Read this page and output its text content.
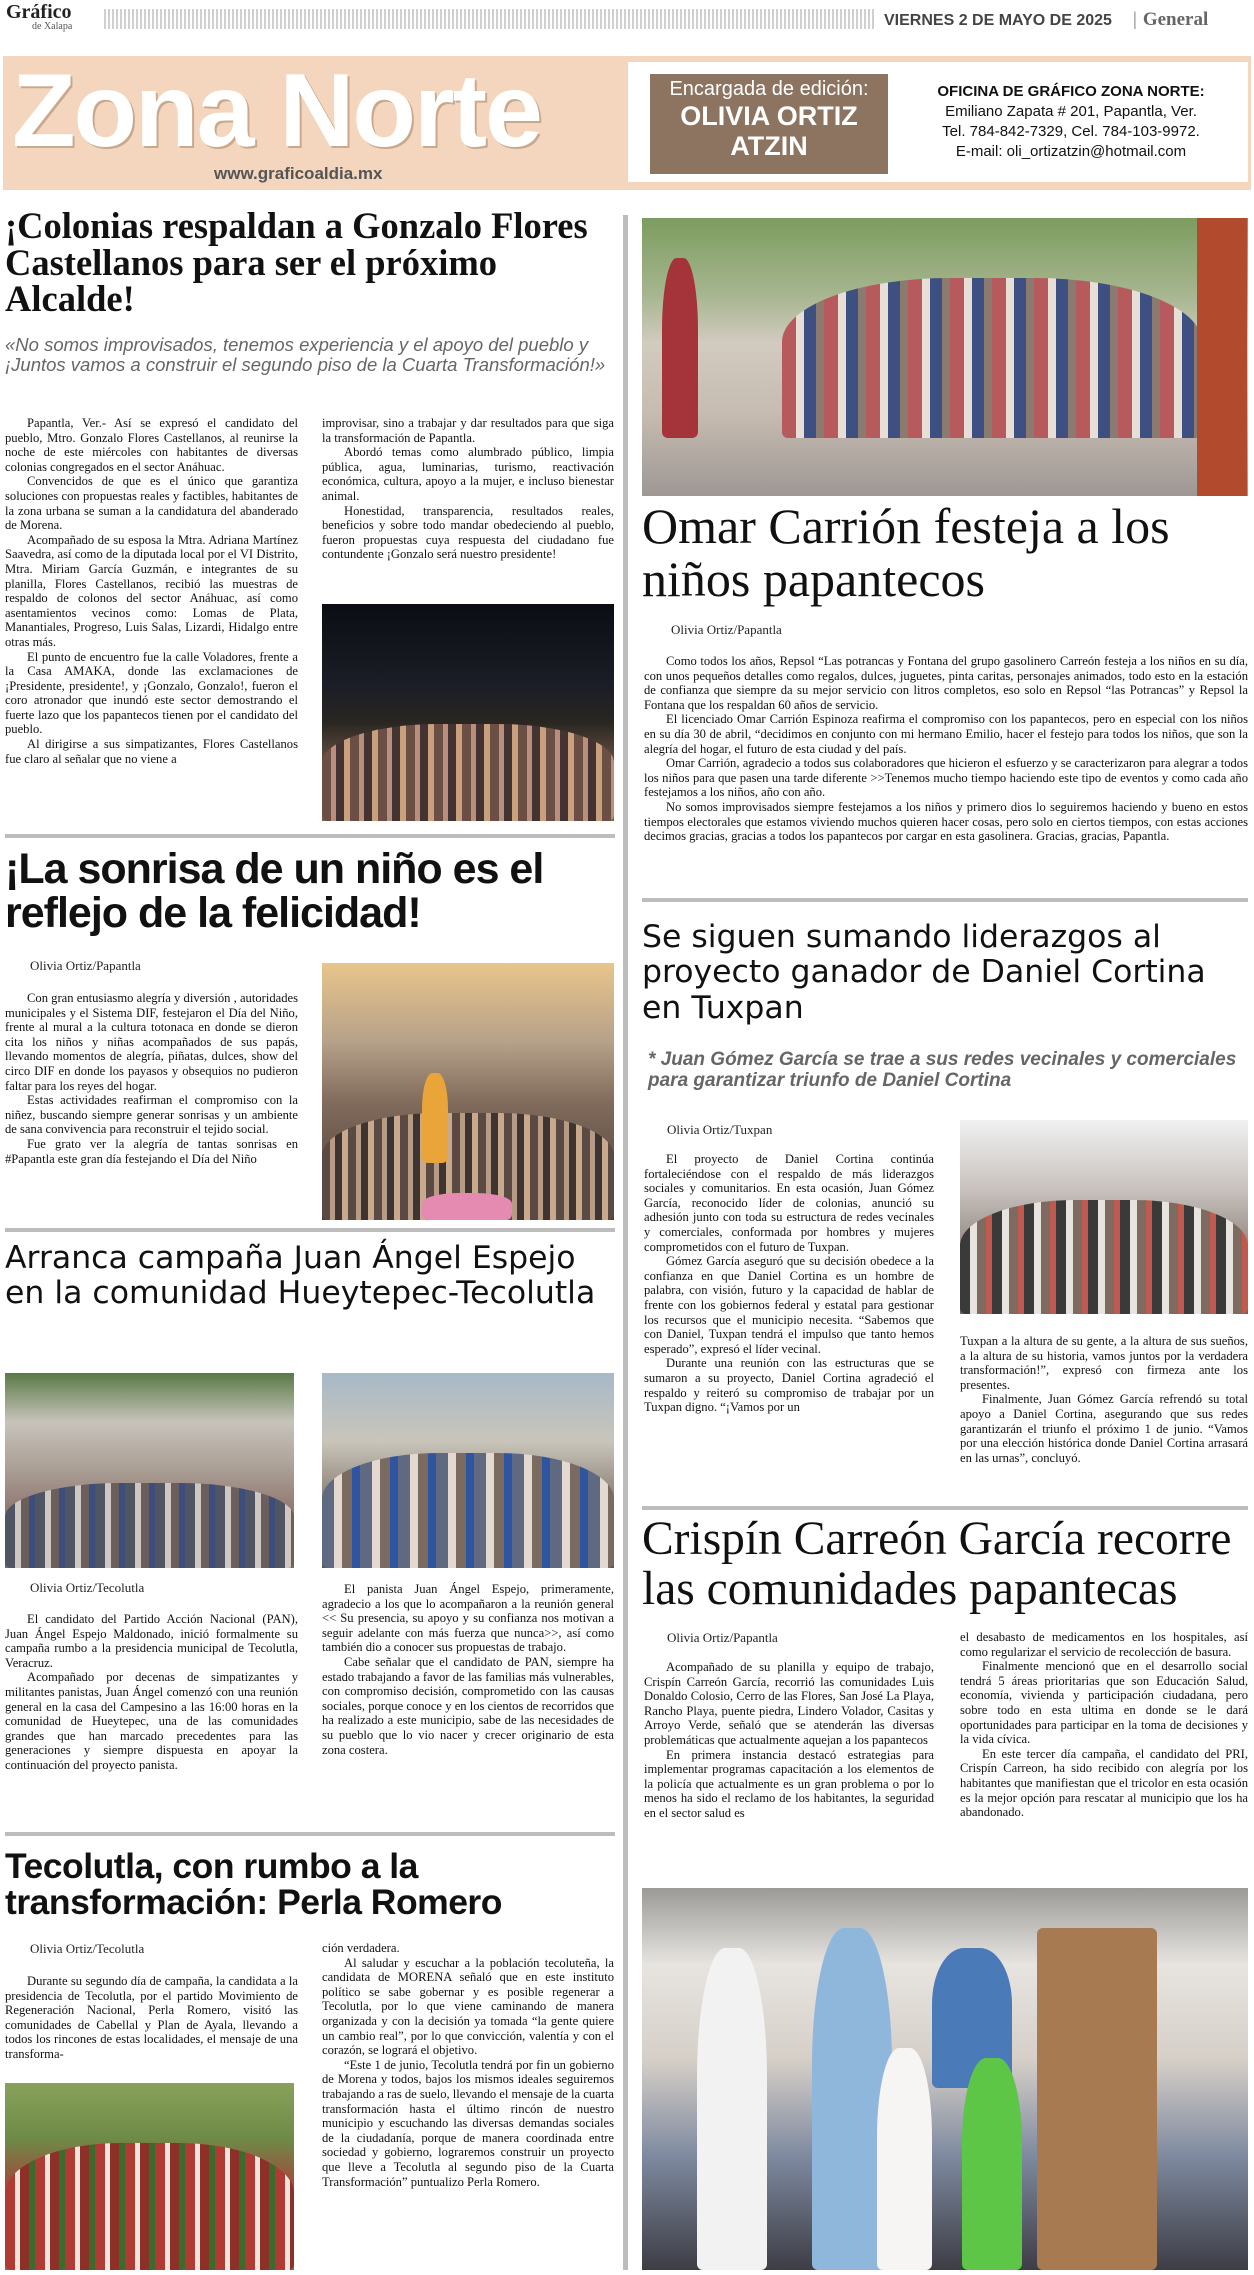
Gráfico
de Xalapa	VIERNES 2 DE MAYO DE 2025
|	General
Zona Norte
www.graficoaldia.mx
Encargada de edición:
OLIVIA ORTIZ
ATZIN
OFICINA DE GRÁFICO ZONA NORTE:
Emiliano Zapata # 201, Papantla, Ver.
Tel. 784-842-7329, Cel. 784-103-9972.
E-mail: oli_ortizatzin@hotmail.com
¡Colonias respaldan a Gonzalo Flores Castellanos para ser el próximo Alcalde!

«No somos improvisados, tenemos experiencia y el apoyo del pueblo y ¡Juntos vamos a construir el segundo piso de la Cuarta Transformación!»

Papantla, Ver.- Así se expresó el candidato del pueblo, Mtro. Gonzalo Flores Castellanos, al reunirse la noche de este miércoles con habitantes de diversas colonias congregados en el sector Anáhuac.

Convencidos de que es el único que garantiza soluciones con propuestas reales y factibles, habitantes de la zona urbana se suman a la candidatura del abanderado de Morena.

Acompañado de su esposa la Mtra. Adriana Martínez Saavedra, así como de la diputada local por el VI Distrito, Mtra. Miriam García Guzmán, e integrantes de su planilla, Flores Castellanos, recibió las muestras de respaldo de colonos del sector Anáhuac, así como asentamientos vecinos como: Lomas de Plata, Manantiales, Progreso, Luis Salas, Lizardi, Hidalgo entre otras más.

El punto de encuentro fue la calle Voladores, frente a la Casa AMAKA, donde las exclamaciones de ¡Presidente, presidente!, y ¡Gonzalo, Gonzalo!, fueron el coro atronador que inundó este sector demostrando el fuerte lazo que los papantecos tienen por el candidato del pueblo.

Al dirigirse a sus simpatizantes, Flores Castellanos fue claro al señalar que no viene a

improvisar, sino a trabajar y dar resultados para que siga la transformación de Papantla.

Abordó temas como alumbrado público, limpia pública, agua, luminarias, turismo, reactivación económica, cultura, apoyo a la mujer, e incluso bienestar animal.

Honestidad, transparencia, resultados reales, beneficios y sobre todo mandar obedeciendo al pueblo, fueron propuestas cuya respuesta del ciudadano fue contundente ¡Gonzalo será nuestro presidente!

¡La sonrisa de un niño es el reflejo de la felicidad!
Olivia Ortiz/Papantla

Con gran entusiasmo alegría y diversión , autoridades municipales y el Sistema DIF, festejaron el Día del Niño, frente al mural a la cultura totonaca en donde se dieron cita los niños y niñas acompañados de sus papás, llevando momentos de alegría, piñatas, dulces, show del circo DIF en donde los payasos y obsequios no pudieron faltar para los reyes del hogar.

Estas actividades reafirman el compromiso con la niñez, buscando siempre generar sonrisas y un ambiente de sana convivencia para reconstruir el tejido social.

Fue grato ver la alegría de tantas sonrisas en #Papantla este gran día festejando el Día del Niño

Arranca campaña Juan Ángel Espejo en la comunidad Hueytepec-Tecolutla
Olivia Ortiz/Tecolutla

El candidato del Partido Acción Nacional (PAN), Juan Ángel Espejo Maldonado, inició formalmente su campaña rumbo a la presidencia municipal de Tecolutla, Veracruz.

Acompañado por decenas de simpatizantes y militantes panistas, Juan Ángel comenzó con una reunión general en la casa del Campesino a las 16:00 horas en la comunidad de Hueytepec, una de las comunidades grandes que han marcado precedentes para las generaciones y siempre dispuesta en apoyar la continuación del proyecto panista.

El panista Juan Ángel Espejo, primeramente, agradecio a los que lo acompañaron a la reunión general << Su presencia, su apoyo y su confianza nos motivan a seguir adelante con más fuerza que nunca>>, así como también dio a conocer sus propuestas de trabajo.

Cabe señalar que el candidato de PAN, siempre ha estado trabajando a favor de las familias más vulnerables, con compromiso decisión, comprometido con las causas sociales, porque conoce y en los cientos de recorridos que ha realizado a este municipio, sabe de las necesidades de su pueblo que lo vio nacer y crecer originario de esta zona costera.

Tecolutla, con rumbo a la transformación: Perla Romero
Olivia Ortiz/Tecolutla

Durante su segundo día de campaña, la candidata a la presidencia de Tecolutla, por el partido Movimiento de Regeneración Nacional, Perla Romero, visitó las comunidades de Cabellal y Plan de Ayala, llevando a todos los rincones de estas localidades, el mensaje de una transforma-

ción verdadera.

Al saludar y escuchar a la población tecoluteña, la candidata de MORENA señaló que en este instituto político se sabe gobernar y es posible regenerar a Tecolutla, por lo que viene caminando de manera organizada y con la decisión ya tomada “la gente quiere un cambio real”, por lo que convicción, valentía y con el corazón, se logrará el objetivo.

“Este 1 de junio, Tecolutla tendrá por fin un gobierno de Morena y todos, bajos los mismos ideales seguiremos trabajando a ras de suelo, llevando el mensaje de la cuarta transformación hasta el último rincón de nuestro municipio y escuchando las diversas demandas sociales de la ciudadanía, porque de manera coordinada entre sociedad y gobierno, lograremos construir un proyecto que lleve a Tecolutla al segundo piso de la Cuarta Transformación” puntualizo Perla Romero.

Omar Carrión festeja a los niños papantecos
Olivia Ortiz/Papantla

Como todos los años, Repsol “Las potrancas y Fontana del grupo gasolinero Carreón festeja a los niños en su día, con unos pequeños detalles como regalos, dulces, juguetes, pinta caritas, personajes animados, todo esto en la estación de confianza que siempre da su mejor servicio con litros completos, eso solo en Repsol “las Potrancas” y Repsol la Fontana que los respaldan 60 años de servicio.

El licenciado Omar Carrión Espinoza reafirma el compromiso con los papantecos, pero en especial con los niños en su día 30 de abril, “decidimos en conjunto con mi hermano Emilio, hacer el festejo para todos los niños, que son la alegría del hogar, el futuro de esta ciudad y del país.

Omar Carrión, agradecio a todos sus colaboradores que hicieron el esfuerzo y se caracterizaron para alegrar a todos los niños para que pasen una tarde diferente >>Tenemos mucho tiempo haciendo este tipo de eventos y como cada año festejamos a los niños, año con año.

No somos improvisados siempre festejamos a los niños y primero dios lo seguiremos haciendo y bueno en estos tiempos electorales que estamos viviendo muchos quieren hacer cosas, pero solo en ciertos tiempos, con estas acciones decimos gracias, gracias a todos los papantecos por cargar en esta gasolinera. Gracias, gracias, Papantla.

Se siguen sumando liderazgos al proyecto ganador de Daniel Cortina en Tuxpan

* Juan Gómez García se trae a sus redes vecinales y comerciales para garantizar triunfo de Daniel Cortina

Olivia Ortiz/Tuxpan

El proyecto de Daniel Cortina continúa fortaleciéndose con el respaldo de más liderazgos sociales y comunitarios. En esta ocasión, Juan Gómez García, reconocido líder de colonias, anunció su adhesión junto con toda su estructura de redes vecinales y comerciales, conformada por hombres y mujeres comprometidos con el futuro de Tuxpan.

Gómez García aseguró que su decisión obedece a la confianza en que Daniel Cortina es un hombre de palabra, con visión, futuro y la capacidad de hablar de frente con los gobiernos federal y estatal para gestionar los recursos que el municipio necesita. “Sabemos que con Daniel, Tuxpan tendrá el impulso que tanto hemos esperado”, expresó el líder vecinal.

Durante una reunión con las estructuras que se sumaron a su proyecto, Daniel Cortina agradeció el respaldo y reiteró su compromiso de trabajar por un Tuxpan digno. “¡Vamos por un

Tuxpan a la altura de su gente, a la altura de sus sueños, a la altura de su historia, vamos juntos por la verdadera transformación!”, expresó con firmeza ante los presentes.

Finalmente, Juan Gómez García refrendó su total apoyo a Daniel Cortina, asegurando que sus redes garantizarán el triunfo el próximo 1 de junio. “Vamos por una elección histórica donde Daniel Cortina arrasará en las urnas”, concluyó.

Crispín Carreón García recorre las comunidades papantecas
Olivia Ortiz/Papantla

Acompañado de su planilla y equipo de trabajo, Crispín Carreón García, recorrió las comunidades Luis Donaldo Colosio, Cerro de las Flores, San José La Playa, Rancho Playa, puente piedra, Lindero Volador, Casitas y Arroyo Verde, señaló que se atenderán las diversas problemáticas que actualmente aquejan a los papantecos

En primera instancia destacó estrategias para implementar programas capacitación a los elementos de la policía que actualmente es un gran problema o por lo menos ha sido el reclamo de los habitantes, la seguridad en el sector salud es

el desabasto de medicamentos en los hospitales, así como regularizar el servicio de recolección de basura.

Finalmente mencionó que en el desarrollo social tendrá 5 áreas prioritarias que son Educación Salud, economía, vivienda y participación ciudadana, pero sobre todo en esta ultima en donde se le dará oportunidades para participar en la toma de decisiones y la vida cívica.

En este tercer día campaña, el candidato del PRI, Crispín Carreon, ha sido recibido con alegría por los habitantes que manifiestan que el tricolor en esta ocasión es la mejor opción para rescatar al municipio que los ha abandonado.
